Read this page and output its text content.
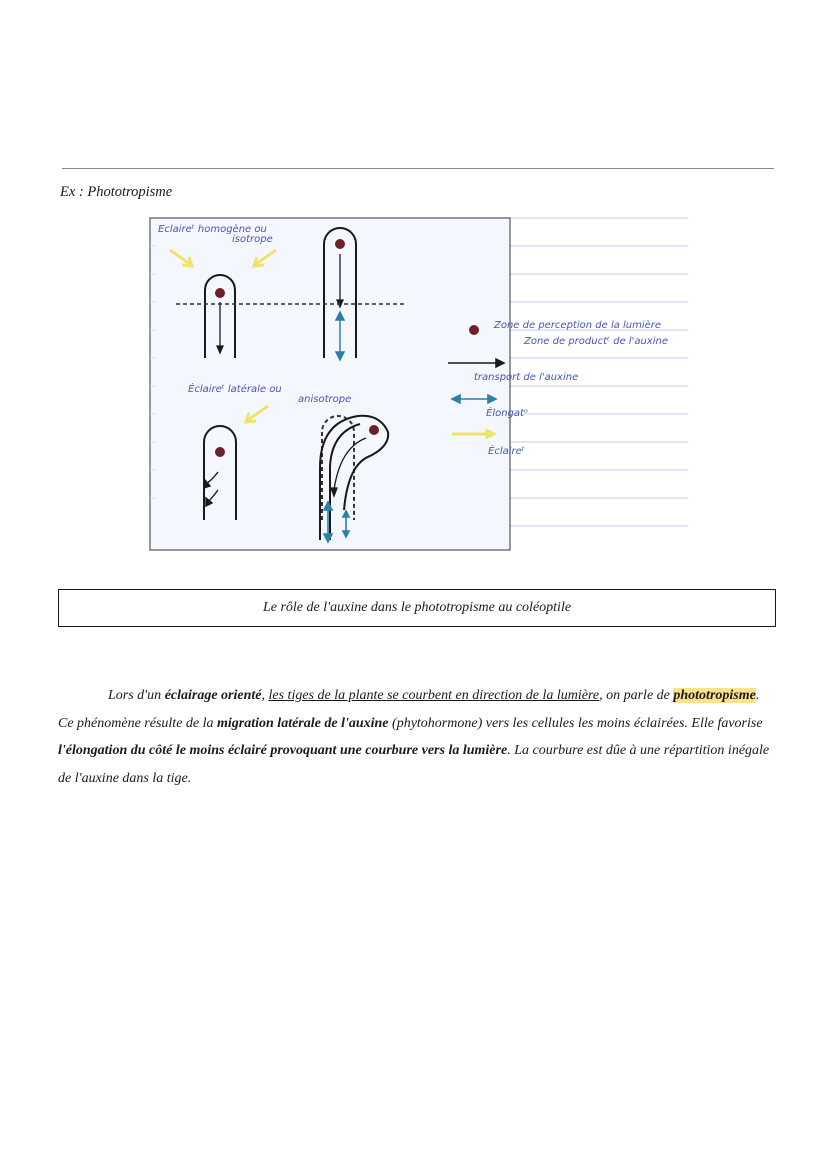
Ex : Phototropisme
Eclaireᵗ homogène ou
isotrope
Éclaireᵗ latérale ou
anisotrope
Zone de perception de la lumière
Zone de productᵗ de l'auxine
transport de l'auxine
Élongatᵒ
Éclaireᵗ
Le rôle de l'auxine dans le phototropisme au coléoptile
Lors d'un éclairage orienté, les tiges de la plante se courbent en direction de la lumière, on parle de phototropisme. Ce phénomène résulte de la migration latérale de l'auxine (phytohormone) vers les cellules les moins éclairées. Elle favorise l'élongation du côté le moins éclairé provoquant une courbure vers la lumière. La courbure est dûe à une répartition inégale de l'auxine dans la tige.
